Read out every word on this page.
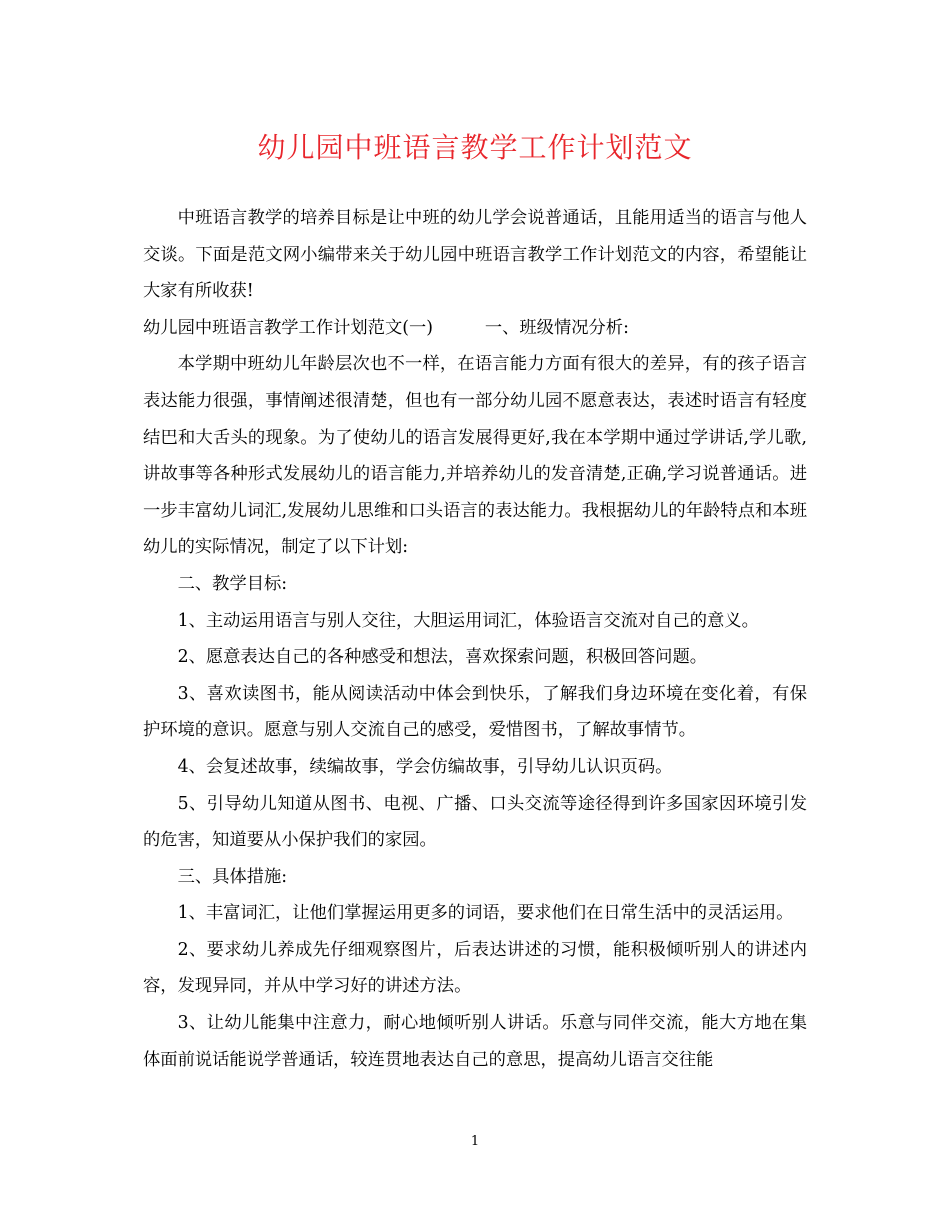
幼儿园中班语言教学工作计划范文

中班语言教学的培养目标是让中班的幼儿学会说普通话，且能用适当的语言与他人交谈。下面是范文网小编带来关于幼儿园中班语言教学工作计划范文的内容，希望能让大家有所收获!

幼儿园中班语言教学工作计划范文(一)　　　一、班级情况分析:

本学期中班幼儿年龄层次也不一样，在语言能力方面有很大的差异，有的孩子语言表达能力很强，事情阐述很清楚，但也有一部分幼儿园不愿意表达，表述时语言有轻度结巴和大舌头的现象。为了使幼儿的语言发展得更好,我在本学期中通过学讲话,学儿歌,讲故事等各种形式发展幼儿的语言能力,并培养幼儿的发音清楚,正确,学习说普通话。进一步丰富幼儿词汇,发展幼儿思维和口头语言的表达能力。我根据幼儿的年龄特点和本班幼儿的实际情况，制定了以下计划:

二、教学目标:

1、主动运用语言与别人交往，大胆运用词汇，体验语言交流对自己的意义。

2、愿意表达自己的各种感受和想法，喜欢探索问题，积极回答问题。

3、喜欢读图书，能从阅读活动中体会到快乐，了解我们身边环境在变化着，有保护环境的意识。愿意与别人交流自己的感受，爱惜图书，了解故事情节。

4、会复述故事，续编故事，学会仿编故事，引导幼儿认识页码。

5、引导幼儿知道从图书、电视、广播、口头交流等途径得到许多国家因环境引发的危害，知道要从小保护我们的家园。

三、具体措施:

1、丰富词汇，让他们掌握运用更多的词语，要求他们在日常生活中的灵活运用。

2、要求幼儿养成先仔细观察图片，后表达讲述的习惯，能积极倾听别人的讲述内容，发现异同，并从中学习好的讲述方法。

3、让幼儿能集中注意力，耐心地倾听别人讲话。乐意与同伴交流，能大方地在集体面前说话能说学普通话，较连贯地表达自己的意思，提高幼儿语言交往能

1
